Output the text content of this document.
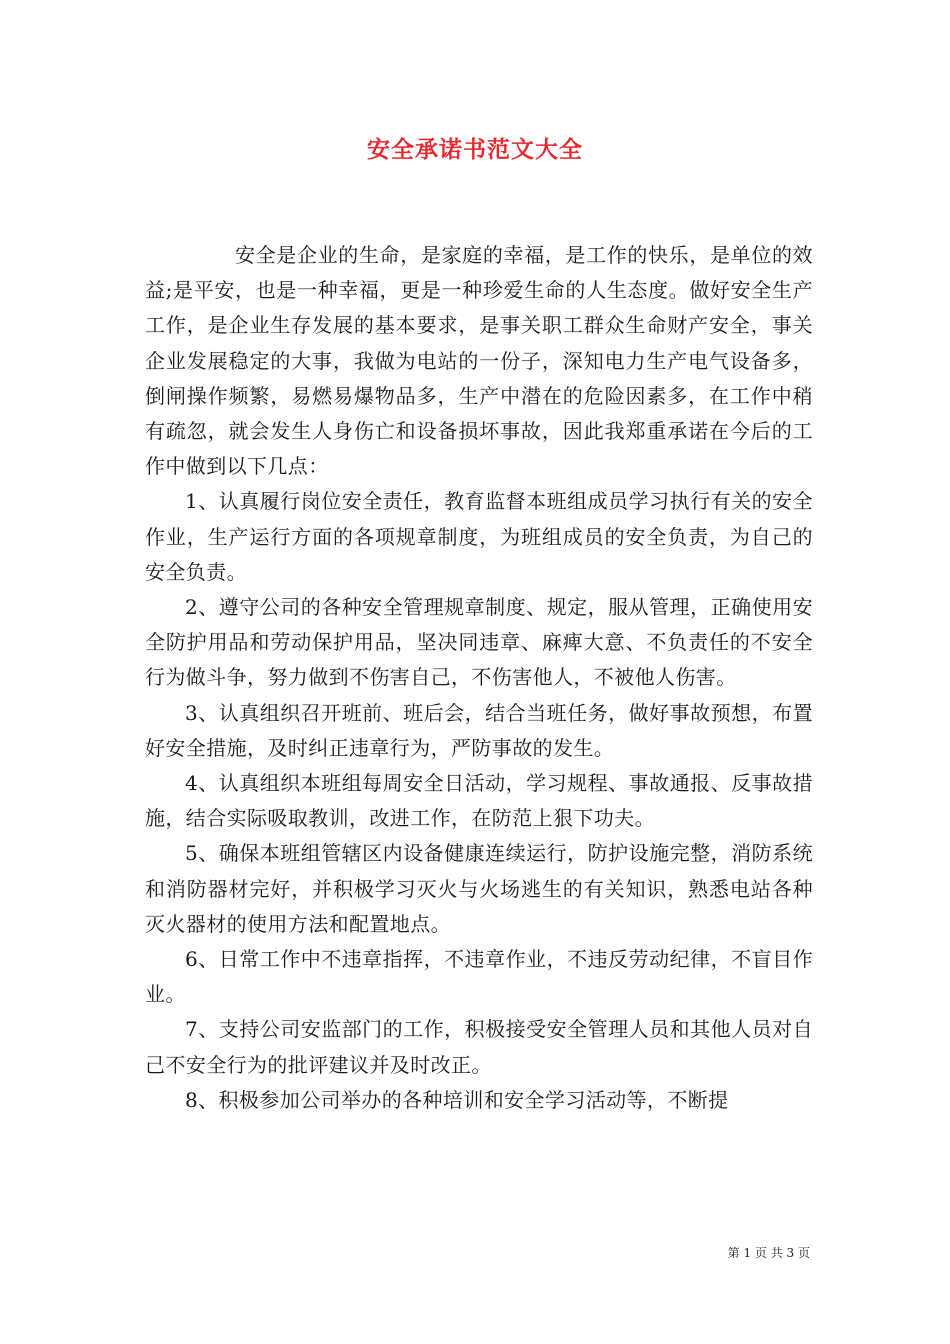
安全承诺书范文大全

安全是企业的生命，是家庭的幸福，是工作的快乐，是单位的效益;是平安，也是一种幸福，更是一种珍爱生命的人生态度。做好安全生产工作，是企业生存发展的基本要求，是事关职工群众生命财产安全，事关企业发展稳定的大事，我做为电站的一份子，深知电力生产电气设备多，倒闸操作频繁，易燃易爆物品多，生产中潜在的危险因素多，在工作中稍有疏忽，就会发生人身伤亡和设备损坏事故，因此我郑重承诺在今后的工作中做到以下几点：

1、认真履行岗位安全责任，教育监督本班组成员学习执行有关的安全作业，生产运行方面的各项规章制度，为班组成员的安全负责，为自己的安全负责。

2、遵守公司的各种安全管理规章制度、规定，服从管理，正确使用安全防护用品和劳动保护用品，坚决同违章、麻痺大意、不负责任的不安全行为做斗争，努力做到不伤害自己，不伤害他人，不被他人伤害。

3、认真组织召开班前、班后会，结合当班任务，做好事故预想，布置好安全措施，及时纠正违章行为，严防事故的发生。

4、认真组织本班组每周安全日活动，学习规程、事故通报、反事故措施，结合实际吸取教训，改进工作，在防范上狠下功夫。

5、确保本班组管辖区内设备健康连续运行，防护设施完整，消防系统和消防器材完好，并积极学习灭火与火场逃生的有关知识，熟悉电站各种灭火器材的使用方法和配置地点。

6、日常工作中不违章指挥，不违章作业，不违反劳动纪律，不盲目作业。

7、支持公司安监部门的工作，积极接受安全管理人员和其他人员对自己不安全行为的批评建议并及时改正。

8、积极参加公司举办的各种培训和安全学习活动等，不断提

第 1 页 共 3 页
